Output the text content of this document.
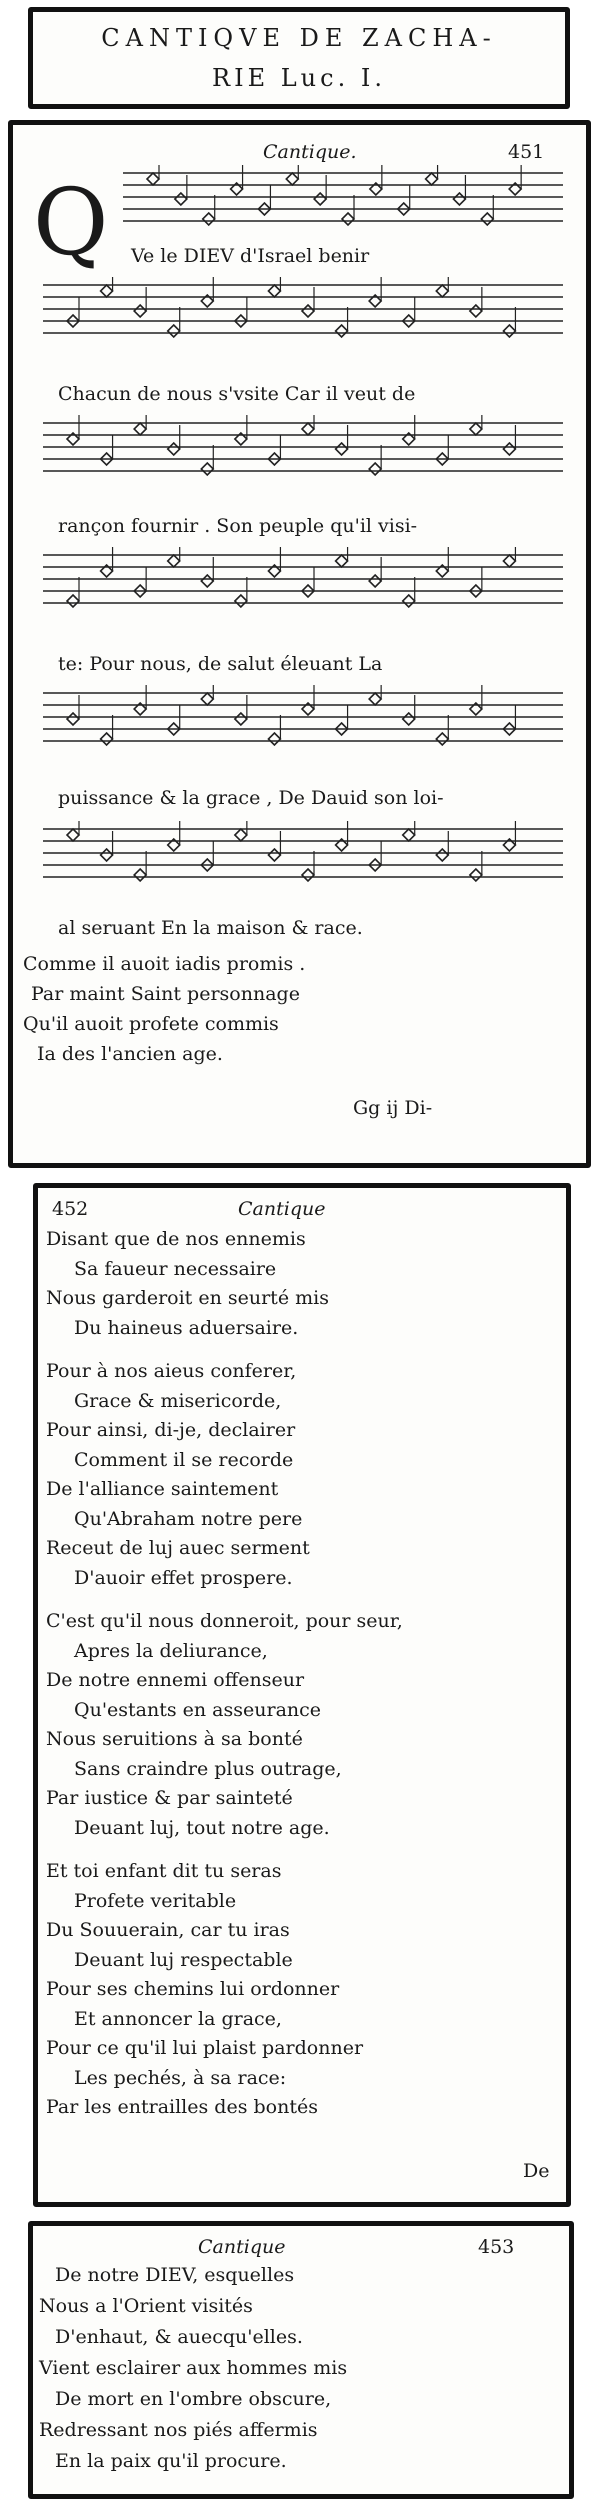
CANTIQVE DE ZACHA-
RIE Luc. I.
Cantique.	451
Q Ve le DIEV d'Israel benir
Chacun de nous s'vsite Car il veut de
rançon fournir . Son peuple qu'il visi-
te: Pour nous, de salut éleuant La
puissance & la grace , De Dauid son loi-
al seruant En la maison & race.
Comme il auoit iadis promis .
Par maint Saint personnage
Qu'il auoit profete commis
Ia des l'ancien age.
Gg ij Di-
452	Cantique
Disant que de nos ennemis
Sa faueur necessaire
Nous garderoit en seurté mis
Du haineus aduersaire.
Pour à nos aieus conferer,
Grace & misericorde,
Pour ainsi, di-je, declairer
Comment il se recorde
De l'alliance saintement
Qu'Abraham notre pere
Receut de luj auec serment
D'auoir effet prospere.
C'est qu'il nous donneroit, pour seur,
Apres la deliurance,
De notre ennemi offenseur
Qu'estants en asseurance
Nous seruitions à sa bonté
Sans craindre plus outrage,
Par iustice & par sainteté
Deuant luj, tout notre age.
Et toi enfant dit tu seras
Profete veritable
Du Souuerain, car tu iras
Deuant luj respectable
Pour ses chemins lui ordonner
Et annoncer la grace,
Pour ce qu'il lui plaist pardonner
Les pechés, à sa race:
Par les entrailles des bontés
De
Cantique	453
De notre DIEV, esquelles
Nous a l'Orient visités
D'enhaut, & auecqu'elles.
Vient esclairer aux hommes mis
De mort en l'ombre obscure,
Redressant nos piés affermis
En la paix qu'il procure.
